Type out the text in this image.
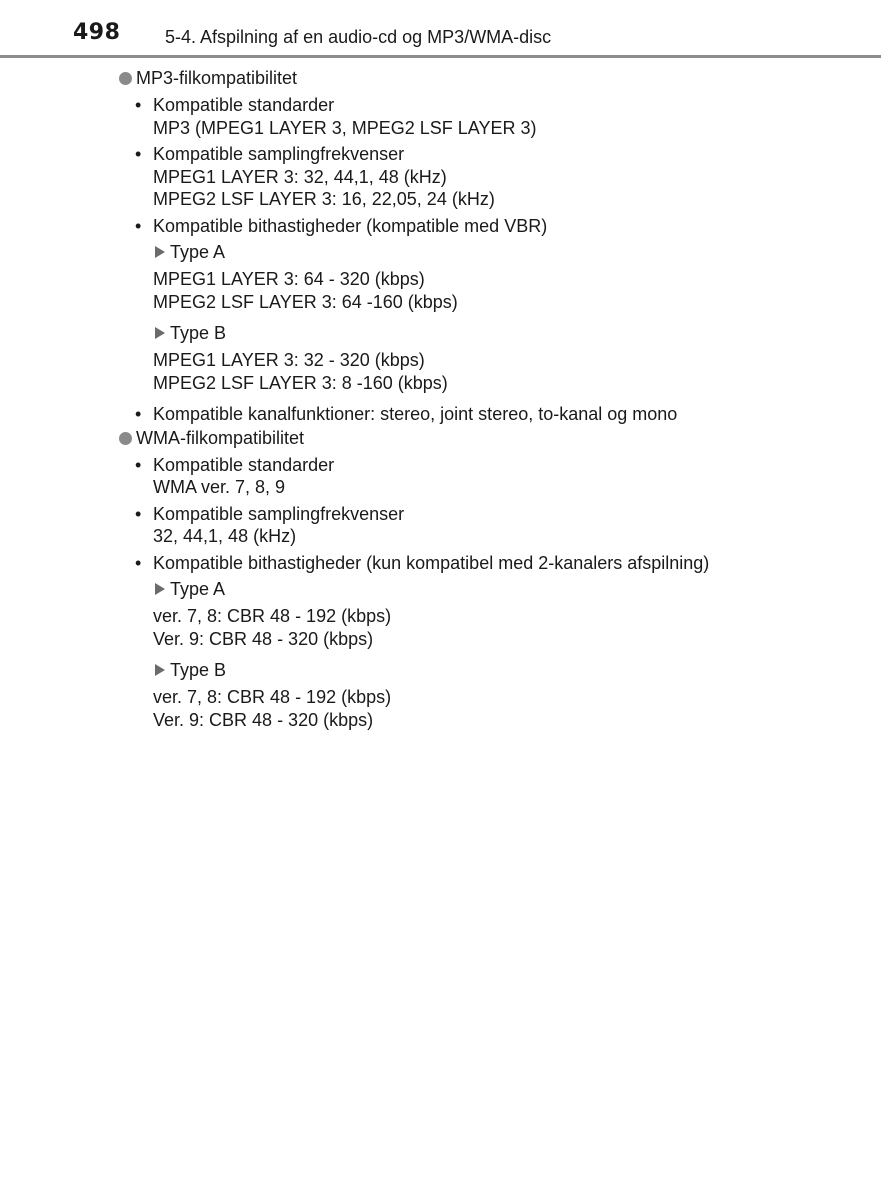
498 5-4. Afspilning af en audio-cd og MP3/WMA-disc
MP3-filkompatibilitet
• Kompatible standarder
MP3 (MPEG1 LAYER 3, MPEG2 LSF LAYER 3)
• Kompatible samplingfrekvenser
MPEG1 LAYER 3: 32, 44,1, 48 (kHz)
MPEG2 LSF LAYER 3: 16, 22,05, 24 (kHz)
• Kompatible bithastigheder (kompatible med VBR)
Type A
MPEG1 LAYER 3: 64 - 320 (kbps)
MPEG2 LSF LAYER 3: 64 -160 (kbps)
Type B
MPEG1 LAYER 3: 32 - 320 (kbps)
MPEG2 LSF LAYER 3: 8 -160 (kbps)
• Kompatible kanalfunktioner: stereo, joint stereo, to-kanal og mono
WMA-filkompatibilitet
• Kompatible standarder
WMA ver. 7, 8, 9
• Kompatible samplingfrekvenser
32, 44,1, 48 (kHz)
• Kompatible bithastigheder (kun kompatibel med 2-kanalers afspilning)
Type A
ver. 7, 8: CBR 48 - 192 (kbps)
Ver. 9: CBR 48 - 320 (kbps)
Type B
ver. 7, 8: CBR 48 - 192 (kbps)
Ver. 9: CBR 48 - 320 (kbps)
